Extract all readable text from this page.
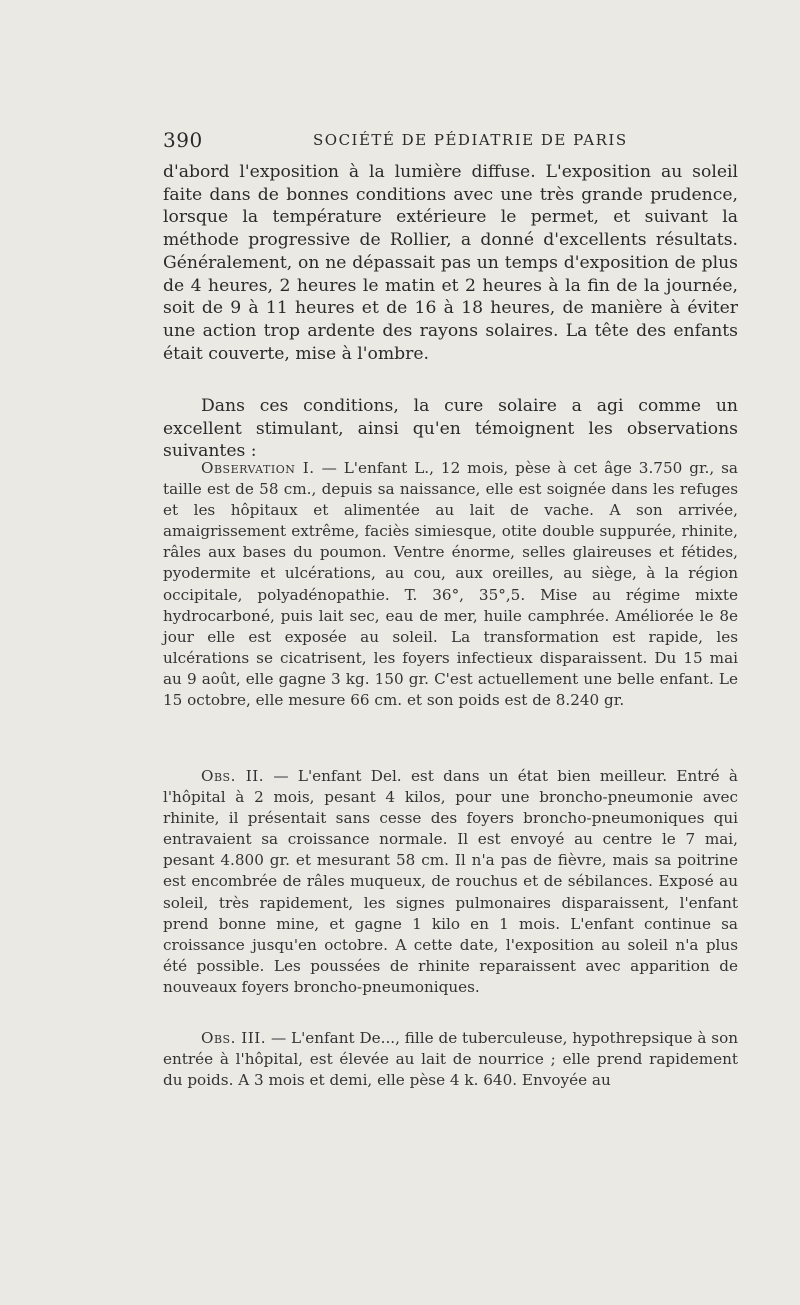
390	SOCIÉTÉ DE PÉDIATRIE DE PARIS

d'abord l'exposition à la lumière diffuse. L'exposition au soleil faite dans de bonnes conditions avec une très grande prudence, lorsque la température extérieure le permet, et suivant la méthode progressive de Rollier, a donné d'excellents résultats. Généralement, on ne dépassait pas un temps d'exposition de plus de 4 heures, 2 heures le matin et 2 heures à la fin de la journée, soit de 9 à 11 heures et de 16 à 18 heures, de manière à éviter une action trop ardente des rayons solaires. La tête des enfants était couverte, mise à l'ombre.

Dans ces conditions, la cure solaire a agi comme un excellent stimulant, ainsi qu'en témoignent les observations suivantes :

Observation I. — L'enfant L., 12 mois, pèse à cet âge 3.750 gr., sa taille est de 58 cm., depuis sa naissance, elle est soignée dans les refuges et les hôpitaux et alimentée au lait de vache. A son arrivée, amaigrissement extrême, faciès simiesque, otite double suppurée, rhinite, râles aux bases du poumon. Ventre énorme, selles glaireuses et fétides, pyodermite et ulcérations, au cou, aux oreilles, au siège, à la région occipitale, polyadénopathie. T. 36°, 35°,5. Mise au régime mixte hydrocarboné, puis lait sec, eau de mer, huile camphrée. Améliorée le 8e jour elle est exposée au soleil. La transformation est rapide, les ulcérations se cicatrisent, les foyers infectieux disparaissent. Du 15 mai au 9 août, elle gagne 3 kg. 150 gr. C'est actuellement une belle enfant. Le 15 octobre, elle mesure 66 cm. et son poids est de 8.240 gr.

Obs. II. — L'enfant Del. est dans un état bien meilleur. Entré à l'hôpital à 2 mois, pesant 4 kilos, pour une broncho-pneumonie avec rhinite, il présentait sans cesse des foyers broncho-pneumoniques qui entravaient sa croissance normale. Il est envoyé au centre le 7 mai, pesant 4.800 gr. et mesurant 58 cm. Il n'a pas de fièvre, mais sa poitrine est encombrée de râles muqueux, de rouchus et de sébilances. Exposé au soleil, très rapidement, les signes pulmonaires disparaissent, l'enfant prend bonne mine, et gagne 1 kilo en 1 mois. L'enfant continue sa croissance jusqu'en octobre. A cette date, l'exposition au soleil n'a plus été possible. Les poussées de rhinite reparaissent avec apparition de nouveaux foyers broncho-pneumoniques.

Obs. III. — L'enfant De..., fille de tuberculeuse, hypothrepsique à son entrée à l'hôpital, est élevée au lait de nourrice ; elle prend rapidement du poids. A 3 mois et demi, elle pèse 4 k. 640. Envoyée au
